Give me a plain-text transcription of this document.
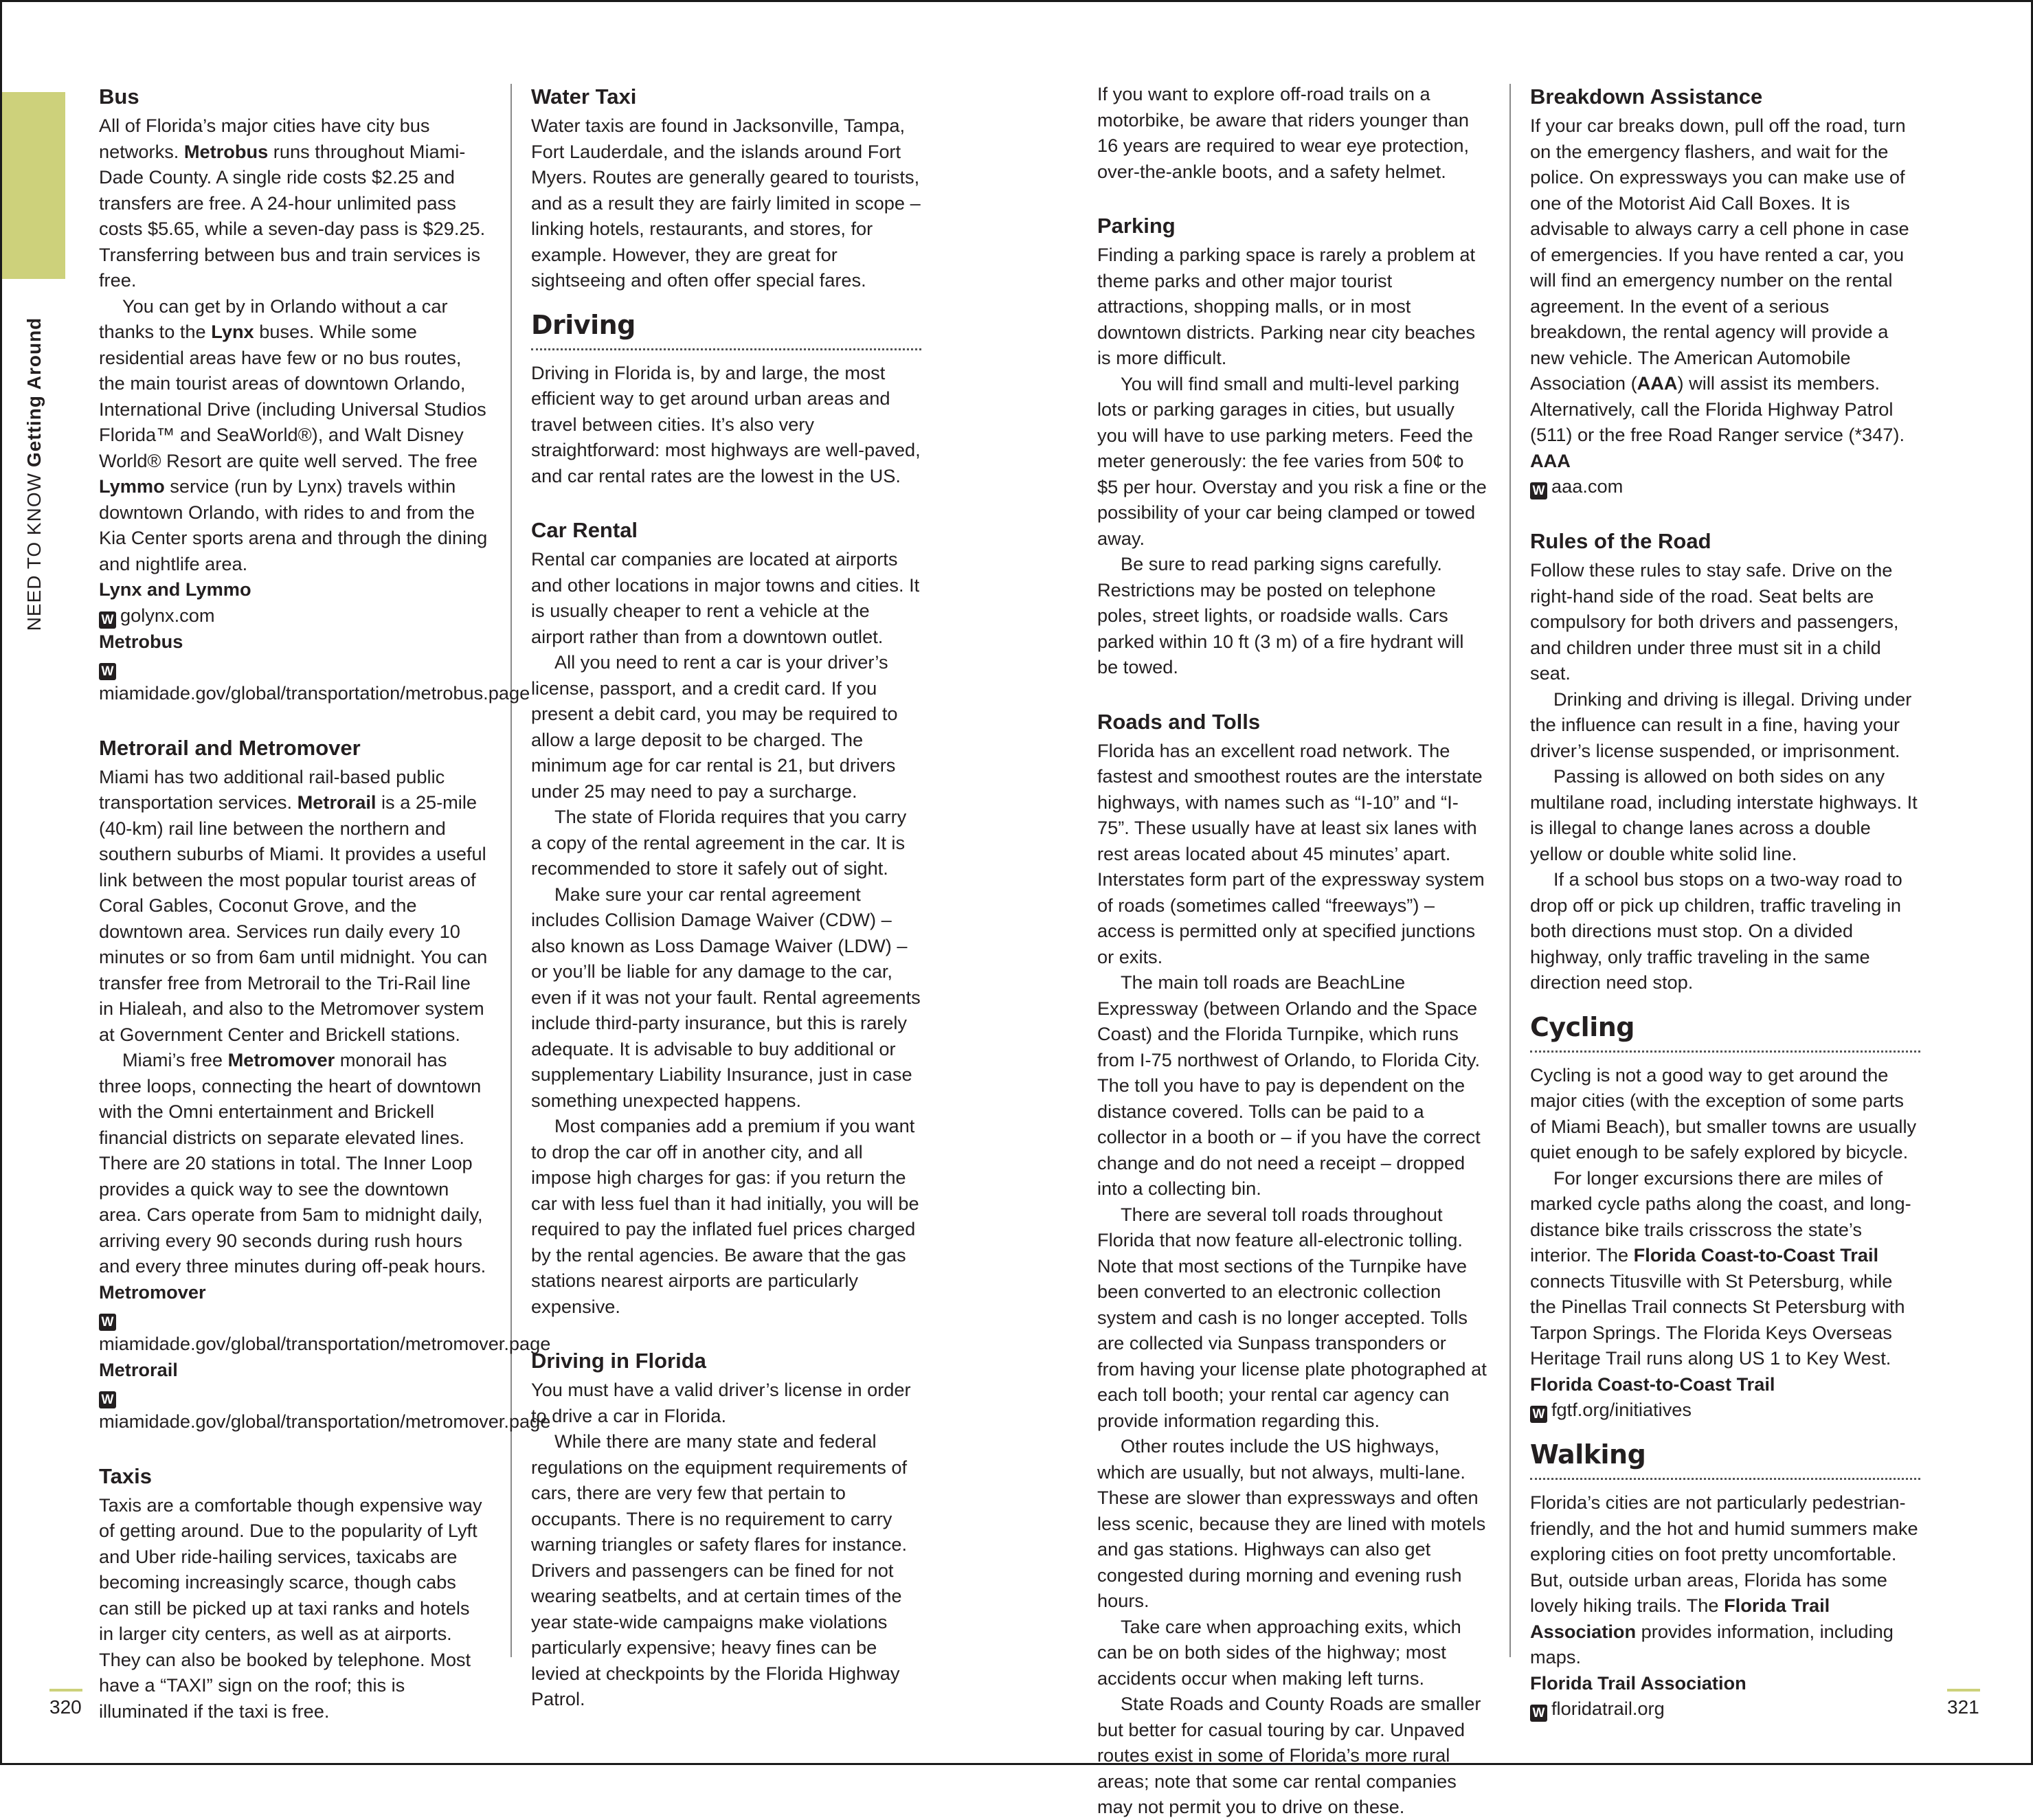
NEED TO KNOWGetting Around
Bus

All of Florida’s major cities have city bus networks. Metrobus runs throughout Miami-Dade County. A single ride costs $2.25 and transfers are free. A 24-hour unlimited pass costs $5.65, while a seven-day pass is $29.25. Transferring between bus and train services is free.

You can get by in Orlando without a car thanks to the Lynx buses. While some residential areas have few or no bus routes, the main tourist areas of downtown Orlando, International Drive (including Universal Studios Florida™ and SeaWorld®), and Walt Disney World® Resort are quite well served. The free Lymmo service (run by Lynx) travels within downtown Orlando, with rides to and from the Kia Center sports arena and through the dining and nightlife area.

Lynx and Lymmo
W golynx.com
Metrobus
Wmiamidade.gov/global/transportation/metrobus.page
Metrorail and Metromover

Miami has two additional rail-based public transportation services. Metrorail is a 25-mile (40-km) rail line between the northern and southern suburbs of Miami. It provides a useful link between the most popular tourist areas of Coral Gables, Coconut Grove, and the downtown area. Services run daily every 10 minutes or so from 6am until midnight. You can transfer free from Metrorail to the Tri-Rail line in Hialeah, and also to the Metromover system at Government Center and Brickell stations.

Miami’s free Metromover monorail has three loops, connecting the heart of downtown with the Omni entertainment and Brickell financial districts on separate elevated lines. There are 20 stations in total. The Inner Loop provides a quick way to see the downtown area. Cars operate from 5am to midnight daily, arriving every 90 seconds during rush hours and every three minutes during off-peak hours.

Metromover
Wmiamidade.gov/global/transportation/metromover.page
Metrorail
Wmiamidade.gov/global/transportation/metromover.page
Taxis

Taxis are a comfortable though expensive way of getting around. Due to the popularity of Lyft and Uber ride-hailing services, taxicabs are becoming increasingly scarce, though cabs can still be picked up at taxi ranks and hotels in larger city centers, as well as at airports. They can also be booked by telephone. Most have a “TAXI” sign on the roof; this is illuminated if the taxi is free.

Water Taxi

Water taxis are found in Jacksonville, Tampa, Fort Lauderdale, and the islands around Fort Myers. Routes are generally geared to tourists, and as a result they are fairly limited in scope – linking hotels, restaurants, and stores, for example. However, they are great for sightseeing and often offer special fares.

Driving

Driving in Florida is, by and large, the most efficient way to get around urban areas and travel between cities. It’s also very straightforward: most highways are well-paved, and car rental rates are the lowest in the US.

Car Rental

Rental car companies are located at airports and other locations in major towns and cities. It is usually cheaper to rent a vehicle at the airport rather than from a downtown outlet.

All you need to rent a car is your driver’s license, passport, and a credit card. If you present a debit card, you may be required to allow a large deposit to be charged. The minimum age for car rental is 21, but drivers under 25 may need to pay a surcharge.

The state of Florida requires that you carry a copy of the rental agreement in the car. It is recommended to store it safely out of sight.

Make sure your car rental agreement includes Collision Damage Waiver (CDW) – also known as Loss Damage Waiver (LDW) – or you’ll be liable for any damage to the car, even if it was not your fault. Rental agreements include third-party insurance, but this is rarely adequate. It is advisable to buy additional or supplementary Liability Insurance, just in case something unexpected happens.

Most companies add a premium if you want to drop the car off in another city, and all impose high charges for gas: if you return the car with less fuel than it had initially, you will be required to pay the inflated fuel prices charged by the rental agencies. Be aware that the gas stations nearest airports are particularly expensive.

Driving in Florida

You must have a valid driver’s license in order to drive a car in Florida.

While there are many state and federal regulations on the equipment requirements of cars, there are very few that pertain to occupants. There is no requirement to carry warning triangles or safety flares for instance. Drivers and passengers can be fined for not wearing seatbelts, and at certain times of the year state-wide campaigns make violations particularly expensive; heavy fines can be levied at checkpoints by the Florida Highway Patrol.

If you want to explore off-road trails on a motorbike, be aware that riders younger than 16 years are required to wear eye protection, over-the-ankle boots, and a safety helmet.

Parking

Finding a parking space is rarely a problem at theme parks and other major tourist attractions, shopping malls, or in most downtown districts. Parking near city beaches is more difficult.

You will find small and multi-level parking lots or parking garages in cities, but usually you will have to use parking meters. Feed the meter generously: the fee varies from 50¢ to $5 per hour. Overstay and you risk a fine or the possibility of your car being clamped or towed away.

Be sure to read parking signs carefully. Restrictions may be posted on telephone poles, street lights, or roadside walls. Cars parked within 10 ft (3 m) of a fire hydrant will be towed.

Roads and Tolls

Florida has an excellent road network. The fastest and smoothest routes are the interstate highways, with names such as “I-10” and “I-75”. These usually have at least six lanes with rest areas located about 45 minutes’ apart. Interstates form part of the expressway system of roads (sometimes called “freeways”) – access is permitted only at specified junctions or exits.

The main toll roads are BeachLine Expressway (between Orlando and the Space Coast) and the Florida Turnpike, which runs from I-75 northwest of Orlando, to Florida City. The toll you have to pay is dependent on the distance covered. Tolls can be paid to a collector in a booth or – if you have the correct change and do not need a receipt – dropped into a collecting bin.

There are several toll roads throughout Florida that now feature all-electronic tolling. Note that most sections of the Turnpike have been converted to an electronic collection system and cash is no longer accepted. Tolls are collected via Sunpass transponders or from having your license plate photographed at each toll booth; your rental car agency can provide information regarding this.

Other routes include the US highways, which are usually, but not always, multi-lane. These are slower than expressways and often less scenic, because they are lined with motels and gas stations. Highways can also get congested during morning and evening rush hours.

Take care when approaching exits, which can be on both sides of the highway; most accidents occur when making left turns.

State Roads and County Roads are smaller but better for casual touring by car. Unpaved routes exist in some of Florida’s more rural areas; note that some car rental companies may not permit you to drive on these.

Breakdown Assistance

If your car breaks down, pull off the road, turn on the emergency flashers, and wait for the police. On expressways you can make use of one of the Motorist Aid Call Boxes. It is advisable to always carry a cell phone in case of emergencies. If you have rented a car, you will find an emergency number on the rental agreement. In the event of a serious breakdown, the rental agency will provide a new vehicle. The American Automobile Association (AAA) will assist its members. Alternatively, call the Florida Highway Patrol (511) or the free Road Ranger service (*347).

AAA
W aaa.com
Rules of the Road

Follow these rules to stay safe. Drive on the right-hand side of the road. Seat belts are compulsory for both drivers and passengers, and children under three must sit in a child seat.

Drinking and driving is illegal. Driving under the influence can result in a fine, having your driver’s license suspended, or imprisonment.

Passing is allowed on both sides on any multilane road, including interstate highways. It is illegal to change lanes across a double yellow or double white solid line.

If a school bus stops on a two-way road to drop off or pick up children, traffic traveling in both directions must stop. On a divided highway, only traffic traveling in the same direction need stop.

Cycling

Cycling is not a good way to get around the major cities (with the exception of some parts of Miami Beach), but smaller towns are usually quiet enough to be safely explored by bicycle.

For longer excursions there are miles of marked cycle paths along the coast, and long-distance bike trails crisscross the state’s interior. The Florida Coast-to-Coast Trail connects Titusville with St Petersburg, while the Pinellas Trail connects St Petersburg with Tarpon Springs. The Florida Keys Overseas Heritage Trail runs along US 1 to Key West.

Florida Coast-to-Coast Trail
W fgtf.org/initiatives
Walking

Florida’s cities are not particularly pedestrian-friendly, and the hot and humid summers make exploring cities on foot pretty uncomfortable. But, outside urban areas, Florida has some lovely hiking trails. The Florida Trail Association provides information, including maps.

Florida Trail Association
W floridatrail.org
320	321
